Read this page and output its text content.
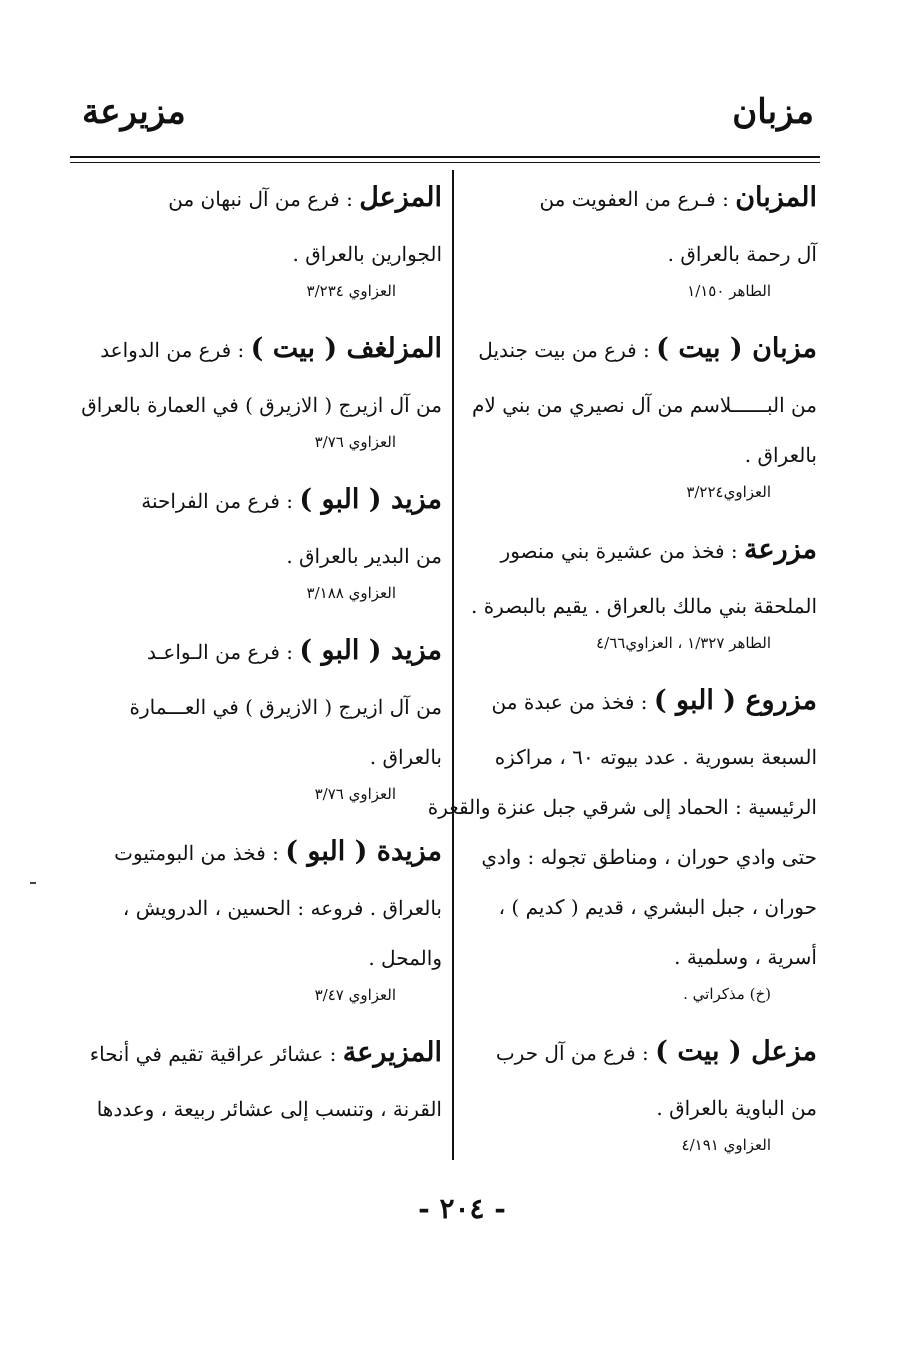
مزبان
مزيرعة
المزبان : فـرع من العفويت من
آل رحمة بالعراق .
الطاهر ١/١٥٠
مزبان ( بيت ) : فرع من بيت جنديل
من البــــــلاسم من آل نصيري من بني لام
بالعراق .
العزاوي٣/٢٢٤
مزرعة : فخذ من عشيرة بني منصور
الملحقة بني مالك بالعراق . يقيم بالبصرة .
الطاهر ١/٣٢٧ ، العزاوي٤/٦٦
مزروع ( البو ) : فخذ من عبدة من
السبعة بسورية . عدد بيوته ٦٠ ، مراكزه
الرئيسية : الحماد إلى شرقي جبل عنزة والقعرة
حتى وادي حوران ، ومناطق تجوله : وادي
حوران ، جبل البشري ، قديم ( كديم ) ،
أسرية ، وسلمية .
(خ) مذكراتي .
مزعل ( بيت ) : فرع من آل حرب
من الباوية بالعراق .
العزاوي ٤/١٩١
المزعل : فرع من آل نبهان من
الجوارين بالعراق .
العزاوي ٣/٢٣٤
المزلغف ( بيت ) : فرع من الدواعد
من آل ازيرج ( الازيرق ) في العمارة بالعراق
العزاوي ٣/٧٦
مزيد ( البو ) : فرع من الفراحنة
من البدير بالعراق .
العزاوي ٣/١٨٨
مزيد ( البو ) : فرع من الـواعـد
من آل ازيرج ( الازيرق ) في العـــمارة
بالعراق .
العزاوي ٣/٧٦
مزيدة ( البو ) : فخذ من البومتيوت
بالعراق . فروعه : الحسين ، الدرويش ،
والمحل .
العزاوي ٣/٤٧
المزيرعة : عشائر عراقية تقيم في أنحاء
القرنة ، وتنسب إلى عشائر ربيعة ، وعددها
- ٢٠٤ -
